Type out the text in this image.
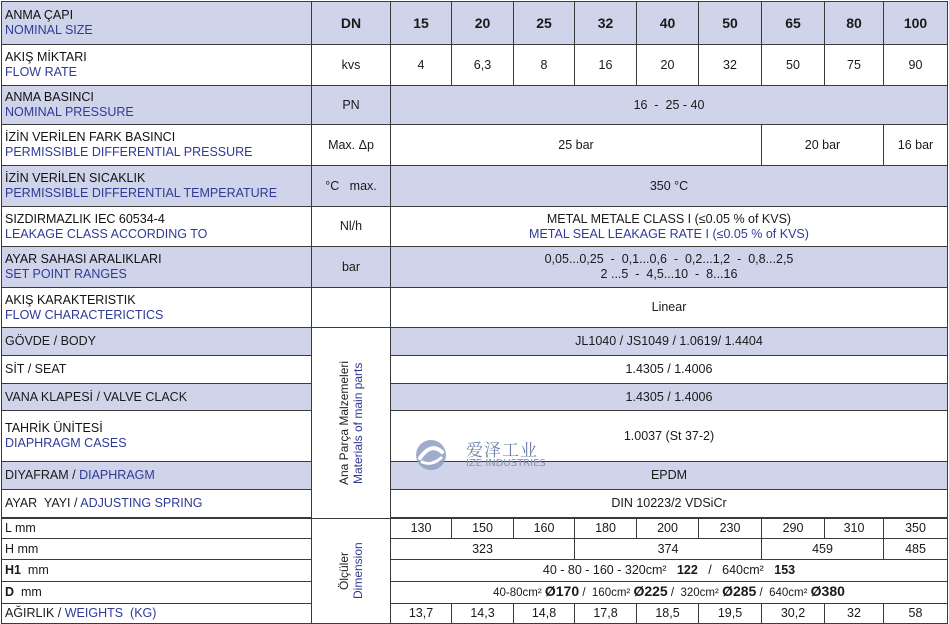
ANMA ÇAPI
NOMINAL SIZE	DN	15	20	25	32	40	50	65	80	100

AKIŞ MİKTARI
FLOW RATE	kvs	4	6,3	8	16	20	32	50	75	90

ANMA BASINCI
NOMINAL PRESSURE	PN	16  -  25 - 40								

İZİN VERİLEN FARK BASINCI
PERMISSIBLE DIFFERENTIAL PRESSURE	Max. Δp	25 bar						20 bar		16 bar

İZİN VERİLEN SICAKLIK
PERMISSIBLE DIFFERENTIAL TEMPERATURE	°C   max.	350 °C								

SIZDIRMAZLIK IEC 60534-4
LEAKAGE CLASS ACCORDING TO	Nl/h	METAL METALE CLASS I (≤0.05 % of KVS)
METAL SEAL LEAKAGE RATE I (≤0.05 % of KVS)								

AYAR SAHASI ARALIKLARI
SET POINT RANGES	bar	0,05...0,25  -  0,1...0,6  -  0,2...1,2  -  0,8...2,5
2 ...5  -  4,5...10  -  8...16								

AKIŞ KARAKTERISTIK
FLOW CHARACTERICTICS		Linear								
GÖVDE / BODY	Ana Parça Malzemeleri Materials of main parts	JL1040 / JS1049 / 1.0619/ 1.4404								
SİT / SEAT		1.4305 / 1.4006								
VANA KLAPESİ / VALVE CLACK		1.4305 / 1.4006								

TAHRİK ÜNİTESİ
DIAPHRAGM CASES		1.0037 (St 37-2)								
DIYAFRAM / DIAPHRAGM		EPDM								
AYAR  YAYI / ADJUSTING SPRING		DIN 10223/2 VDSiCr								

L mm	Ölçüler Dimension	130	150	160	180	200	230	290	310	350
H mm		323			374			459		485
H1  mm		40 - 80 - 160 - 320cm² 122 / 640cm² 153								
D  mm		40-80cm² Ø170 /  160cm² Ø225 /  320cm² Ø285 /  640cm² Ø380								
AĞIRLIK / WEIGHTS  (KG)		13,7	14,3	14,8	17,8	18,5	19,5	30,2	32	58
爱泽工业
IZE INDUSTRIES
